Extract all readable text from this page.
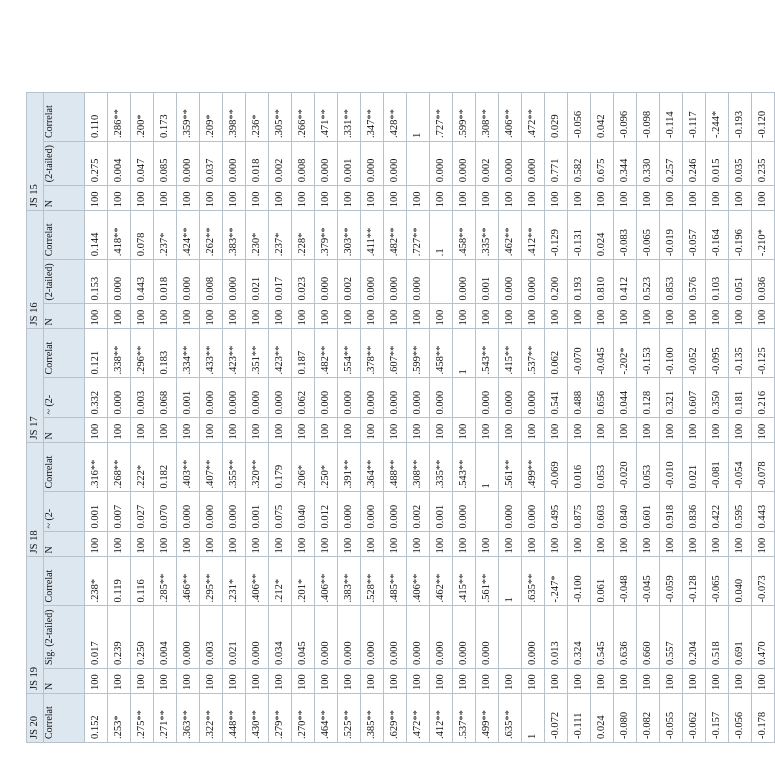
JS 20	JS 19			JS 18			JS 17			JS 16			JS 15		
Correlat	N	Sig. (2-tailed)	Correlat	N	~ (2-	Correlat	N	~ (2-	Correlat	N	(2-tailed)	Correlat	N	(2-tailed)	Correlat
0.152	100	0.017	.238*	100	0.001	.316**	100	0.332	0.121	100	0.153	0.144	100	0.275	0.110
.253*	100	0.239	0.119	100	0.007	.268**	100	0.000	.338**	100	0.000	.418**	100	0.004	.286**
.275**	100	0.250	0.116	100	0.027	.222*	100	0.003	.296**	100	0.443	0.078	100	0.047	.200*
.271**	100	0.004	.285**	100	0.070	0.182	100	0.068	0.183	100	0.018	.237*	100	0.085	0.173
.363**	100	0.000	.466**	100	0.000	.403**	100	0.001	.334**	100	0.000	.424**	100	0.000	.359**
.322**	100	0.003	.295**	100	0.000	.407**	100	0.000	.433**	100	0.008	.262**	100	0.037	.209*
.448**	100	0.021	.231*	100	0.000	.355**	100	0.000	.423**	100	0.000	.383**	100	0.000	.398**
.430**	100	0.000	.406**	100	0.001	.320**	100	0.000	.351**	100	0.021	.230*	100	0.018	.236*
.279**	100	0.034	.212*	100	0.075	0.179	100	0.000	.423**	100	0.017	.237*	100	0.002	.305**
.270**	100	0.045	.201*	100	0.040	.206*	100	0.062	0.187	100	0.023	.228*	100	0.008	.266**
.464**	100	0.000	.406**	100	0.012	.250*	100	0.000	.482**	100	0.000	.379**	100	0.000	.471**
.525**	100	0.000	.383**	100	0.000	.391**	100	0.000	.554**	100	0.002	.303**	100	0.001	.331**
.385**	100	0.000	.528**	100	0.000	.364**	100	0.000	.378**	100	0.000	.411**	100	0.000	.347**
.629**	100	0.000	.485**	100	0.000	.488**	100	0.000	.607**	100	0.000	.482**	100	0.000	.428**
.472**	100	0.000	.406**	100	0.002	.308**	100	0.000	.599**	100	0.000	.727**	100		1
.412**	100	0.000	.462**	100	0.001	.335**	100	0.000	.458**	100		.1	100	0.000	.727**
.537**	100	0.000	.415**	100	0.000	.543**	100		1	100	0.000	.458**	100	0.000	.599**
.499**	100	0.000	.561**	100		1	100	0.000	.543**	100	0.001	.335**	100	0.002	.308**
.635**	100		1	100	0.000	.561**	100	0.000	.415**	100	0.000	.462**	100	0.000	.406**
1	100	0.000	.635**	100	0.000	.499**	100	0.000	.537**	100	0.000	.412**	100	0.000	.472**
-0.072	100	0.013	-.247*	100	0.495	-0.069	100	0.541	0.062	100	0.200	-0.129	100	0.771	0.029
-0.111	100	0.324	-0.100	100	0.875	0.016	100	0.488	-0.070	100	0.193	-0.131	100	0.582	-0.056
0.024	100	0.545	0.061	100	0.603	0.053	100	0.656	-0.045	100	0.810	0.024	100	0.675	0.042
-0.080	100	0.636	-0.048	100	0.840	-0.020	100	0.044	-.202*	100	0.412	-0.083	100	0.344	-0.096
-0.082	100	0.660	-0.045	100	0.601	0.053	100	0.128	-0.153	100	0.523	-0.065	100	0.330	-0.098
-0.055	100	0.557	-0.059	100	0.918	-0.010	100	0.321	-0.100	100	0.853	-0.019	100	0.257	-0.114
-0.062	100	0.204	-0.128	100	0.836	0.021	100	0.607	-0.052	100	0.576	-0.057	100	0.246	-0.117
-0.157	100	0.518	-0.065	100	0.422	-0.081	100	0.350	-0.095	100	0.103	-0.164	100	0.015	-.244*
-0.056	100	0.691	0.040	100	0.595	-0.054	100	0.181	-0.135	100	0.051	-0.196	100	0.035	-0.193
-0.178	100	0.470	-0.073	100	0.443	-0.078	100	0.216	-0.125	100	0.036	-.210*	100	0.235	-0.120
